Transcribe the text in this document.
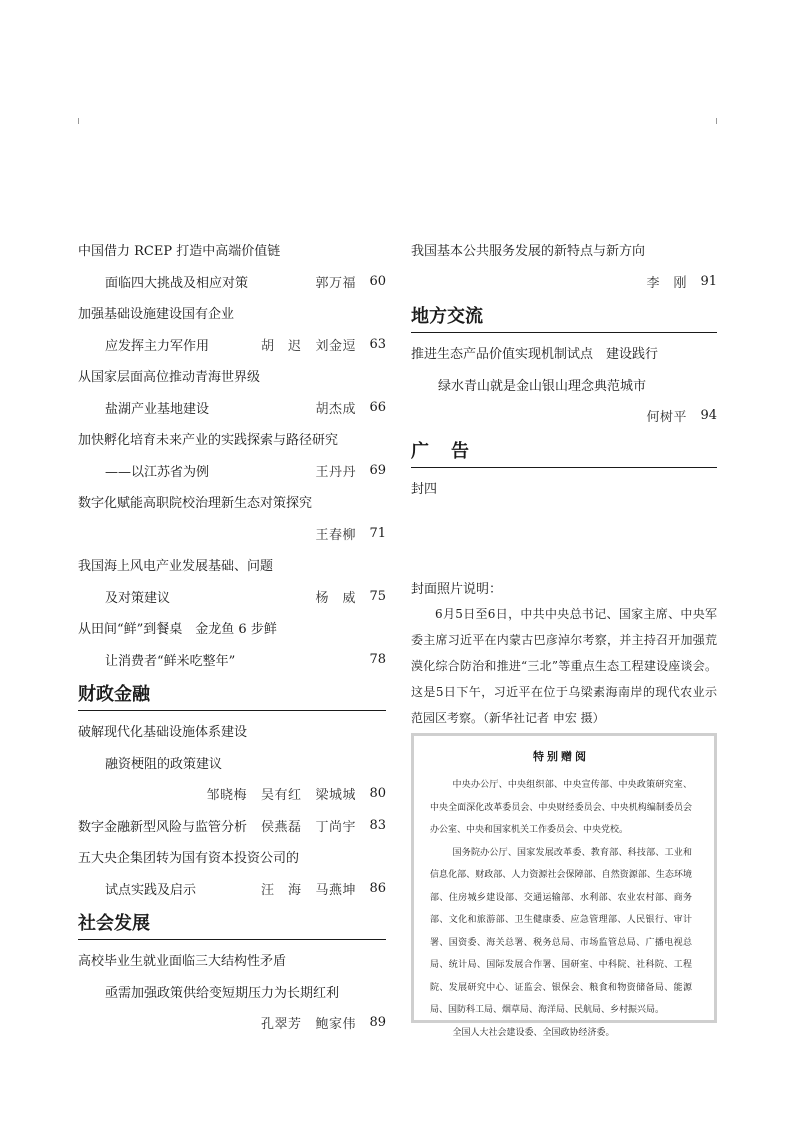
中国借力 RCEP 打造中高端价值链
面临四大挑战及相应对策	郭万福	60
加强基础设施建设国有企业
应发挥主力军作用	胡　迟 刘金逗	63
从国家层面高位推动青海世界级
盐湖产业基地建设	胡杰成	66
加快孵化培育未来产业的实践探索与路径研究
——以江苏省为例	王丹丹	69
数字化赋能高职院校治理新生态对策探究
王春柳	71
我国海上风电产业发展基础、问题
及对策建议	杨　威	75
从田间“鲜”到餐桌　金龙鱼 6 步鲜
让消费者“鲜米吃整年”	78
财政金融
破解现代化基础设施体系建设
融资梗阻的政策建议
邹晓梅 吴有红 梁城城	80
数字金融新型风险与监管分析	侯燕磊 丁尚宇	83
五大央企集团转为国有资本投资公司的
试点实践及启示	汪　海 马燕坤	86
社会发展
高校毕业生就业面临三大结构性矛盾
亟需加强政策供给变短期压力为长期红利
孔翠芳 鲍家伟	89
我国基本公共服务发展的新特点与新方向
李　刚	91
地方交流
推进生态产品价值实现机制试点　建设践行
绿水青山就是金山银山理念典范城市
何树平	94
广告
封四
封面照片说明：

6月5日至6日，中共中央总书记、国家主席、中央军委主席习近平在内蒙古巴彦淖尔考察，并主持召开加强荒漠化综合防治和推进“三北”等重点生态工程建设座谈会。这是5日下午，习近平在位于乌梁素海南岸的现代农业示范园区考察。（新华社记者 申宏 摄）

特别赠阅

中央办公厅、中央组织部、中央宣传部、中央政策研究室、中央全面深化改革委员会、中央财经委员会、中央机构编制委员会办公室、中央和国家机关工作委员会、中央党校。

国务院办公厅、国家发展改革委、教育部、科技部、工业和信息化部、财政部、人力资源社会保障部、自然资源部、生态环境部、住房城乡建设部、交通运输部、水利部、农业农村部、商务部、文化和旅游部、卫生健康委、应急管理部、人民银行、审计署、国资委、海关总署、税务总局、市场监管总局、广播电视总局、统计局、国际发展合作署、国研室、中科院、社科院、工程院、发展研究中心、证监会、银保会、粮食和物资储备局、能源局、国防科工局、烟草局、海洋局、民航局、乡村振兴局。

全国人大社会建设委、全国政协经济委。
